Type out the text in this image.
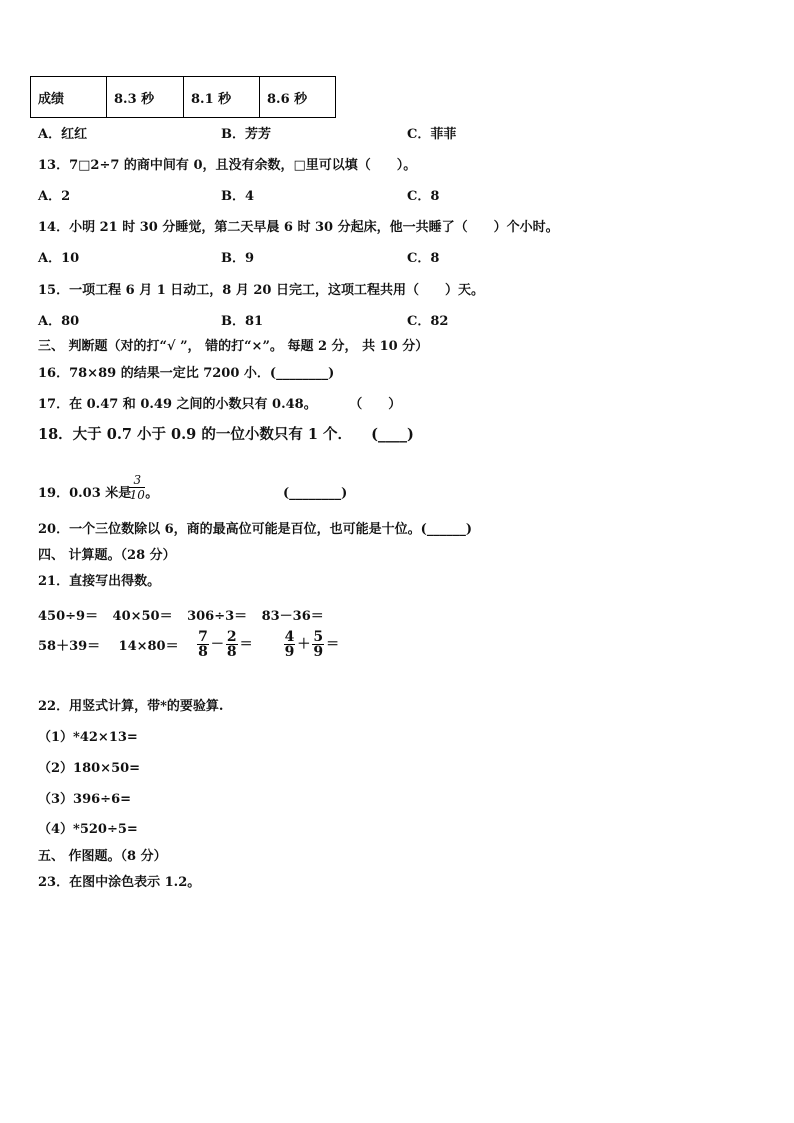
成绩	8.3 秒	8.1 秒	8.6 秒
A．红红	B．芳芳	C．菲菲
13．7□2÷7 的商中间有 0，且没有余数，□里可以填（　　）。
A．2	B．4	C．8
14．小明 21 时 30 分睡觉，第二天早晨 6 时 30 分起床，他一共睡了（　　）个小时。
A．10	B．9	C．8
15．一项工程 6 月 1 日动工，8 月 20 日完工，这项工程共用（　　）天。
A．80	B．81	C．82
三、 判断题（对的打“√ ”， 错的打“×”。 每题 2 分， 共 10 分）
16．78×89 的结果一定比 7200 小．(________)
17．在 0.47 和 0.49 之间的小数只有 0.48。	（　　）
18．大于 0.7 小于 0.9 的一位小数只有 1 个． (____)
19．0.03 米是
$\frac{3}{10}$ 。	(________)
20．一个三位数除以 6，商的最高位可能是百位，也可能是十位。(______)
四、 计算题。（28 分）
21．直接写出得数。
450÷9＝ 40×50＝ 306÷3＝ 83－36＝
$58+39= 14\times 80= \frac{7}{8} - \frac{2}{8} = \frac{4}{9} + \frac{5}{9}$ ＝
22．用竖式计算，带*的要验算.
（1）*42×13=
（2）180×50=
（3）396÷6=
（4）*520÷5=
五、 作图题。（8 分）
23．在图中涂色表示 1.2。
